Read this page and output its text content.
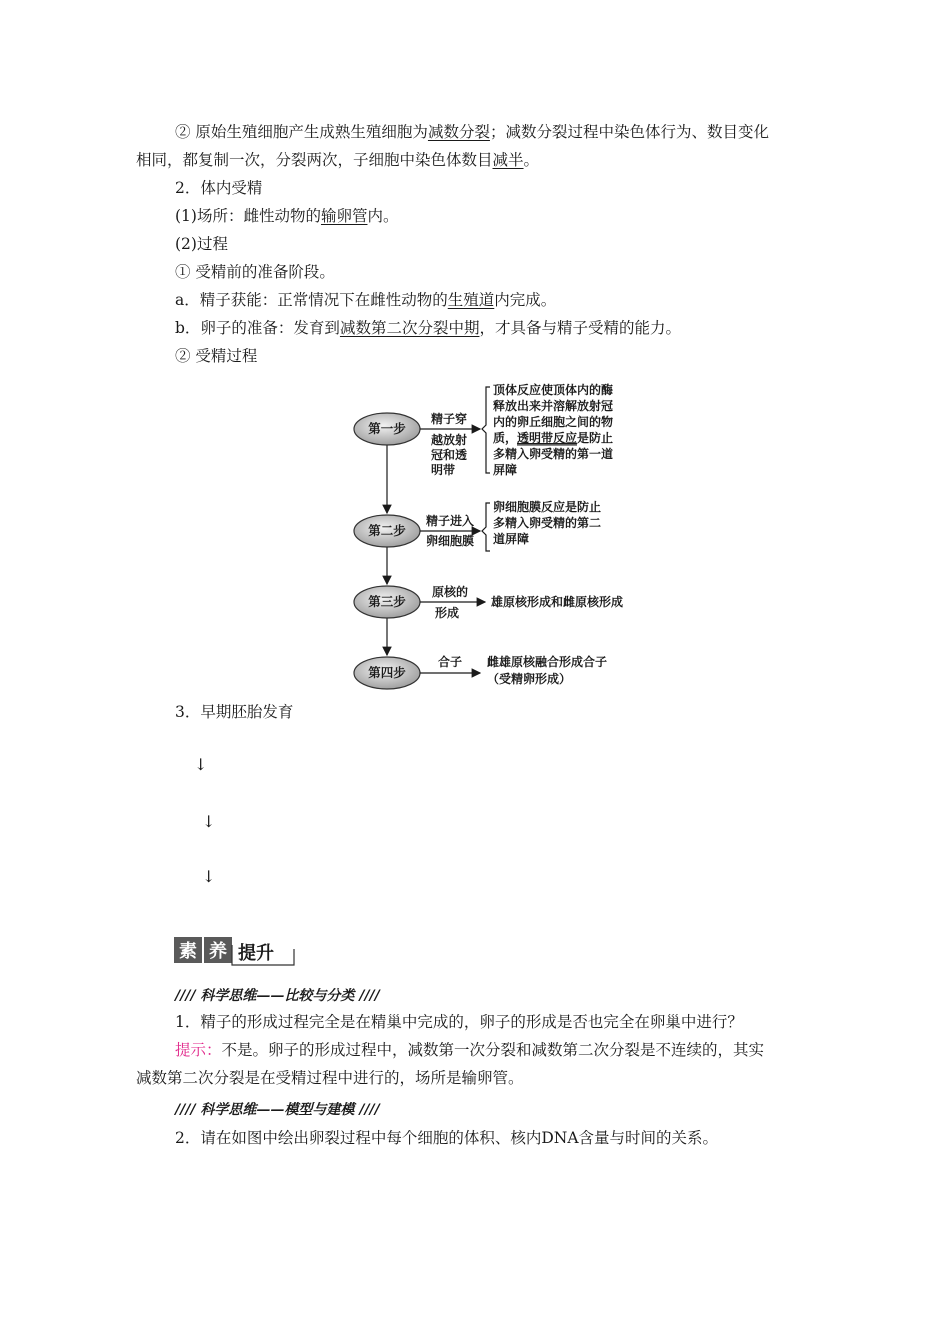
② 原始生殖细胞产生成熟生殖细胞为减数分裂；减数分裂过程中染色体行为、数目变化
相同，都复制一次，分裂两次，子细胞中染色体数目减半。
2．体内受精
(1)场所：雌性动物的输卵管内。
(2)过程
① 受精前的准备阶段。
a．精子获能：正常情况下在雌性动物的生殖道内完成。
b．卵子的准备：发育到减数第二次分裂中期，才具备与精子受精的能力。
② 受精过程
第一步
第二步
第三步
第四步
精子穿
越放射
冠和透
明带
顶体反应使顶体内的酶
释放出来并溶解放射冠
内的卵丘细胞之间的物
质，透明带反应是防止
多精入卵受精的第一道
屏障
精子进入
卵细胞膜
卵细胞膜反应是防止
多精入卵受精的第二
道屏障
原核的
形成
雄原核形成和雌原核形成
合子 雌雄原核融合形成合子
（受精卵形成）
3．早期胚胎发育
↓
↓
↓
素 养 提升
//// 科学思维——比较与分类 ////
1．精子的形成过程完全是在精巢中完成的，卵子的形成是否也完全在卵巢中进行？
提示：不是。卵子的形成过程中，减数第一次分裂和减数第二次分裂是不连续的，其实
减数第二次分裂是在受精过程中进行的，场所是输卵管。
//// 科学思维——模型与建模 ////
2．请在如图中绘出卵裂过程中每个细胞的体积、核内DNA含量与时间的关系。
